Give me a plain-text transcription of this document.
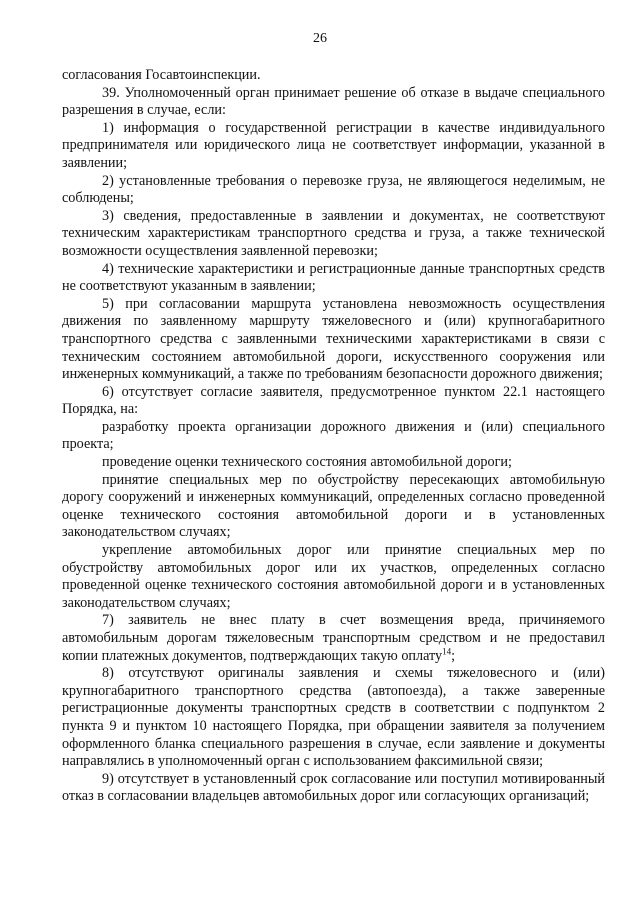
26

согласования Госавтоинспекции.

39. Уполномоченный орган принимает решение об отказе в выдаче специального разрешения в случае, если:

1) информация о государственной регистрации в качестве индивидуального предпринимателя или юридического лица не соответствует информации, указанной в заявлении;

2) установленные требования о перевозке груза, не являющегося неделимым, не соблюдены;

3) сведения, предоставленные в заявлении и документах, не соответствуют техническим характеристикам транспортного средства и груза, а также технической возможности осуществления заявленной перевозки;

4) технические характеристики и регистрационные данные транспортных средств не соответствуют указанным в заявлении;

5) при согласовании маршрута установлена невозможность осуществления движения по заявленному маршруту тяжеловесного и (или) крупногабаритного транспортного средства с заявленными техническими характеристиками в связи с техническим состоянием автомобильной дороги, искусственного сооружения или инженерных коммуникаций, а также по требованиям безопасности дорожного движения;

6) отсутствует согласие заявителя, предусмотренное пунктом 22.1 настоящего Порядка, на:

разработку проекта организации дорожного движения и (или) специального проекта;

проведение оценки технического состояния автомобильной дороги;

принятие специальных мер по обустройству пересекающих автомобильную дорогу сооружений и инженерных коммуникаций, определенных согласно проведенной оценке технического состояния автомобильной дороги и в установленных законодательством случаях;

укрепление автомобильных дорог или принятие специальных мер по обустройству автомобильных дорог или их участков, определенных согласно проведенной оценке технического состояния автомобильной дороги и в установленных законодательством случаях;

7) заявитель не внес плату в счет возмещения вреда, причиняемого автомобильным дорогам тяжеловесным транспортным средством и не предоставил копии платежных документов, подтверждающих такую оплату$^{14}$;

8) отсутствуют оригиналы заявления и схемы тяжеловесного и (или) крупногабаритного транспортного средства (автопоезда), а также заверенные регистрационные документы транспортных средств в соответствии с подпунктом 2 пункта 9 и пунктом 10 настоящего Порядка, при обращении заявителя за получением оформленного бланка специального разрешения в случае, если заявление и документы направлялись в уполномоченный орган с использованием факсимильной связи;

9) отсутствует в установленный срок согласование или поступил мотивированный отказ в согласовании владельцев автомобильных дорог или согласующих организаций;
